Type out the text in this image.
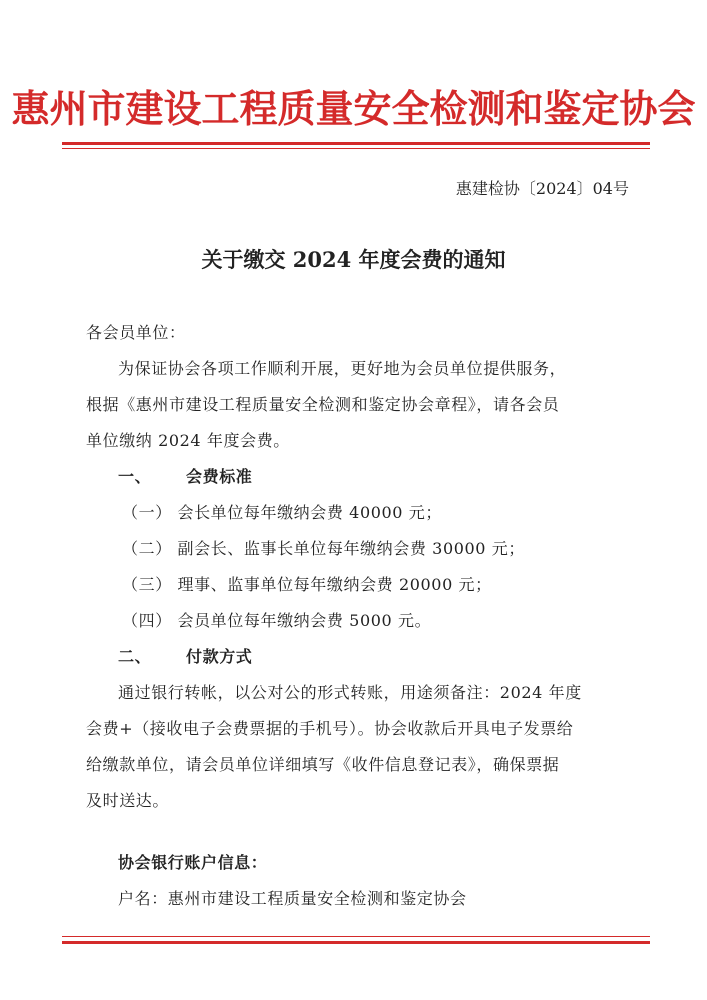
惠州市建设工程质量安全检测和鉴定协会
惠建检协〔2024〕04号
关于缴交 2024 年度会费的通知
各会员单位：
为保证协会各项工作顺利开展，更好地为会员单位提供服务，
根据《惠州市建设工程质量安全检测和鉴定协会章程》，请各会员
单位缴纳 2024 年度会费。
一、 会费标准
（一） 会长单位每年缴纳会费 40000 元；
（二） 副会长、监事长单位每年缴纳会费 30000 元；
（三） 理事、监事单位每年缴纳会费 20000 元；
（四） 会员单位每年缴纳会费 5000 元。
二、 付款方式
通过银行转帐，以公对公的形式转账，用途须备注：2024 年度
会费+（接收电子会费票据的手机号）。协会收款后开具电子发票给
给缴款单位，请会员单位详细填写《收件信息登记表》，确保票据
及时送达。
协会银行账户信息：
户名：惠州市建设工程质量安全检测和鉴定协会
